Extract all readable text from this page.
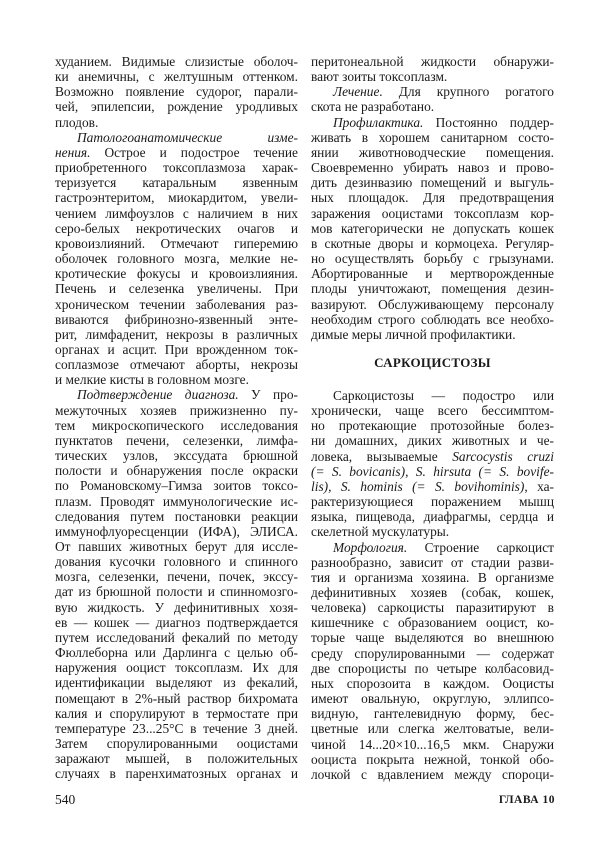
худанием. Видимые слизистые оболоч-
ки анемичны, с желтушным оттенком.
Возможно появление судорог, парали-
чей, эпилепсии, рождение уродливых
плодов.
Патологоанатомические изме-
нения. Острое и подострое течение
приобретенного токсоплазмоза харак-
теризуется катаральным язвенным
гастроэнтеритом, миокардитом, увели-
чением лимфоузлов с наличием в них
серо-белых некротических очагов и
кровоизлияний. Отмечают гиперемию
оболочек головного мозга, мелкие не-
кротические фокусы и кровоизлияния.
Печень и селезенка увеличены. При
хроническом течении заболевания раз-
виваются фибринозно-язвенный энте-
рит, лимфаденит, некрозы в различных
органах и асцит. При врожденном ток-
соплазмозе отмечают аборты, некрозы
и мелкие кисты в головном мозге.
Подтверждение диагноза. У про-
межуточных хозяев прижизненно пу-
тем микроскопического исследования
пунктатов печени, селезенки, лимфа-
тических узлов, экссудата брюшной
полости и обнаружения после окраски
по Романовскому–Гимза зоитов токсо-
плазм. Проводят иммунологические ис-
следования путем постановки реакции
иммунофлуоресценции (ИФА), ЭЛИСА.
От павших животных берут для иссле-
дования кусочки головного и спинного
мозга, селезенки, печени, почек, экссу-
дат из брюшной полости и спинномозго-
вую жидкость. У дефинитивных хозя-
ев — кошек — диагноз подтверждается
путем исследований фекалий по методу
Фюллеборна или Дарлинга с целью об-
наружения ооцист токсоплазм. Их для
идентификации выделяют из фекалий,
помещают в 2%-ный раствор бихромата
калия и спорулируют в термостате при
температуре 23...25°C в течение 3 дней.
Затем спорулированными ооцистами
заражают мышей, в положительных
случаях в паренхиматозных органах и
перитонеальной жидкости обнаружи-
вают зоиты токсоплазм.
Лечение. Для крупного рогатого
скота не разработано.
Профилактика. Постоянно поддер-
живать в хорошем санитарном состо-
янии животноводческие помещения.
Своевременно убирать навоз и прово-
дить дезинвазию помещений и выгуль-
ных площадок. Для предотвращения
заражения ооцистами токсоплазм кор-
мов категорически не допускать кошек
в скотные дворы и кормоцеха. Регуляр-
но осуществлять борьбу с грызунами.
Абортированные и мертворожденные
плоды уничтожают, помещения дезин-
вазируют. Обслуживающему персоналу
необходим строго соблюдать все необхо-
димые меры личной профилактики.
САРКОЦИСТОЗЫ
Саркоцистозы — подостро или
хронически, чаще всего бессимптом-
но протекающие протозойные болез-
ни домашних, диких животных и че-
ловека, вызываемые Sarcocystis cruzi
(= S. bovicanis), S. hirsuta (= S. bovife-
lis), S. hominis (= S. bovihominis), ха-
рактеризующиеся поражением мышц
языка, пищевода, диафрагмы, сердца и
скелетной мускулатуры.
Морфология. Строение саркоцист
разнообразно, зависит от стадии разви-
тия и организма хозяина. В организме
дефинитивных хозяев (собак, кошек,
человека) саркоцисты паразитируют в
кишечнике с образованием ооцист, ко-
торые чаще выделяются во внешнюю
среду спорулированными — содержат
две спороцисты по четыре колбасовид-
ных спорозоита в каждом. Ооцисты
имеют овальную, округлую, эллипсо-
видную, гантелевидную форму, бес-
цветные или слегка желтоватые, вели-
чиной 14...20×10...16,5 мкм. Снаружи
ооциста покрыта нежной, тонкой обо-
лочкой с вдавлением между спороци-
540	ГЛАВА 10
